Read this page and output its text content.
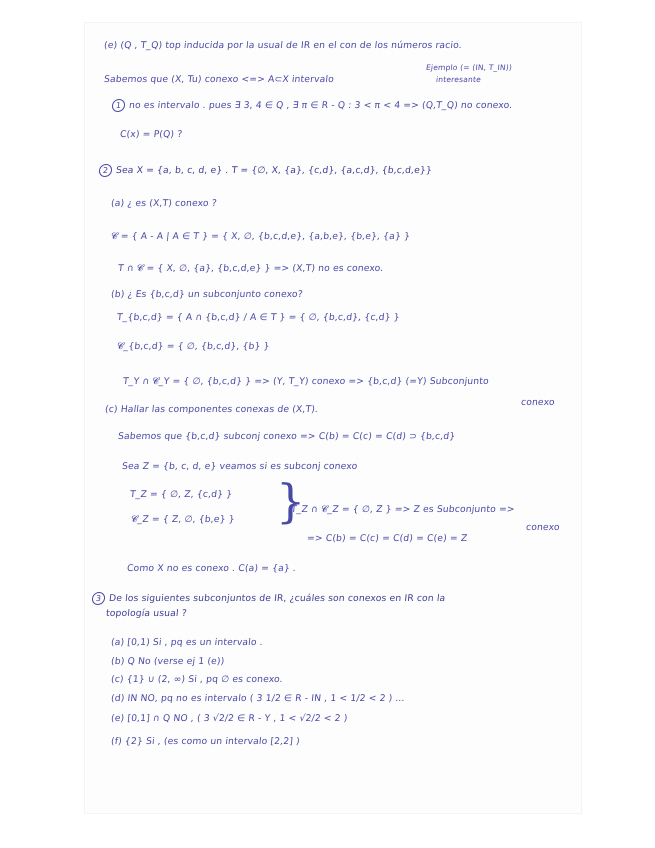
(e) (Q , T_Q) top inducida por la usual de IR en el con de los números racio.
Sabemos que (X, Tu) conexo <=> A⊂X intervalo
Ejemplo (= (IN, T_IN))
interesante
1 no es intervalo . pues ∃ 3, 4 ∈ Q , ∃ π ∈ R - Q : 3 < π < 4 => (Q,T_Q) no conexo.
C(x) = P(Q) ?
2 Sea X = {a, b, c, d, e} . T = {∅, X, {a}, {c,d}, {a,c,d}, {b,c,d,e}}
(a) ¿ es (X,T) conexo ?
𝓒 = { A - A | A ∈ T } = { X, ∅, {b,c,d,e}, {a,b,e}, {b,e}, {a} }
T ∩ 𝓒 = { X, ∅, {a}, {b,c,d,e} } => (X,T) no es conexo.
(b) ¿ Es {b,c,d} un subconjunto conexo?
T_{b,c,d} = { A ∩ {b,c,d} / A ∈ T } = { ∅, {b,c,d}, {c,d} }
𝓒_{b,c,d} = { ∅, {b,c,d}, {b} }
T_Y ∩ 𝓒_Y = { ∅, {b,c,d} } => (Y, T_Y) conexo => {b,c,d} (=Y) Subconjunto
conexo
(c) Hallar las componentes conexas de (X,T).
Sabemos que {b,c,d} subconj conexo => C(b) = C(c) = C(d) ⊃ {b,c,d}
Sea Z = {b, c, d, e} veamos si es subconj conexo
T_Z = { ∅, Z, {c,d} }
𝓒_Z = { Z, ∅, {b,e} } }
T_Z ∩ 𝓒_Z = { ∅, Z } => Z es Subconjunto =>
conexo
=> C(b) = C(c) = C(d) = C(e) = Z
Como X no es conexo . C(a) = {a} .
3 De los siguientes subconjuntos de IR, ¿cuáles son conexos en IR con la
topología usual ?
(a) [0,1) Si , pq es un intervalo .
(b) Q No (verse ej 1 (e))
(c) {1} ∪ (2, ∞) Si , pq ∅ es conexo.
(d) IN NO, pq no es intervalo ( 3 1/2 ∈ R - IN , 1 < 1/2 < 2 ) ...
(e) [0,1] ∩ Q NO , ( 3 √2/2 ∈ R - Y , 1 < √2/2 < 2 )
(f) {2} Si , (es como un intervalo [2,2] )
